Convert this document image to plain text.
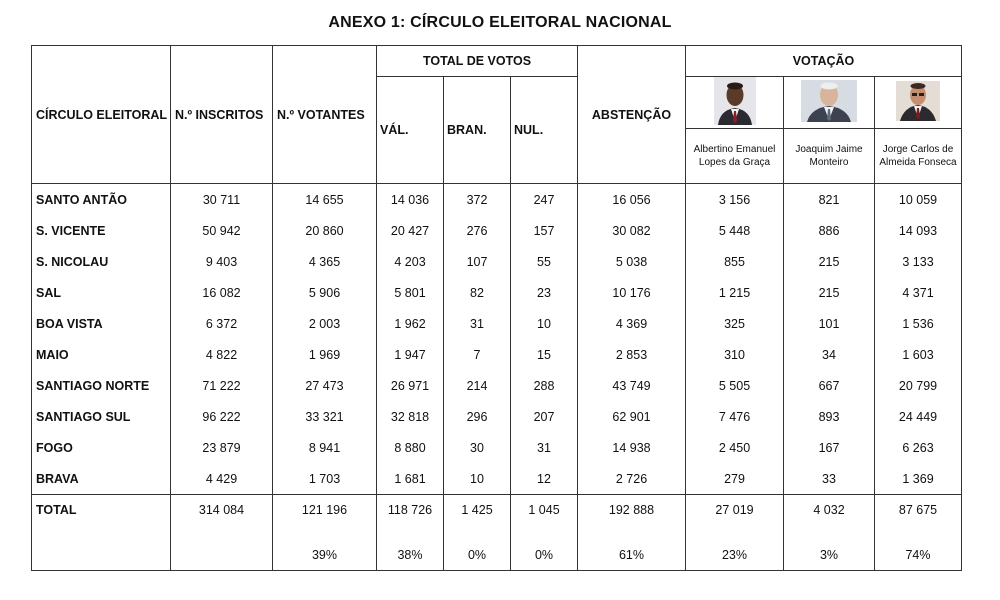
ANEXO 1: CÍRCULO ELEITORAL NACIONAL
CÍRCULO ELEITORAL	N.º INSCRITOS	N.º VOTANTES	TOTAL DE VOTOS			ABSTENÇÃO	VOTAÇÃO		
			VÁL.	BRAN.	NUL.			
							Albertino Emanuel Lopes da Graça	Joaquim Jaime Monteiro	Jorge Carlos de Almeida Fonseca
SANTO ANTÃO	30 711	14 655	14 036	372	247	16 056	3 156	821	10 059
S. VICENTE	50 942	20 860	20 427	276	157	30 082	5 448	886	14 093
S. NICOLAU	9 403	4 365	4 203	107	55	5 038	855	215	3 133
SAL	16 082	5 906	5 801	82	23	10 176	1 215	215	4 371
BOA VISTA	6 372	2 003	1 962	31	10	4 369	325	101	1 536
MAIO	4 822	1 969	1 947	7	15	2 853	310	34	1 603
SANTIAGO NORTE	71 222	27 473	26 971	214	288	43 749	5 505	667	20 799
SANTIAGO SUL	96 222	33 321	32 818	296	207	62 901	7 476	893	24 449
FOGO	23 879	8 941	8 880	30	31	14 938	2 450	167	6 263
BRAVA	4 429	1 703	1 681	10	12	2 726	279	33	1 369
TOTAL	314 084	121 196	118 726	1 425	1 045	192 888	27 019	4 032	87 675
		39%	38%	0%	0%	61%	23%	3%	74%
